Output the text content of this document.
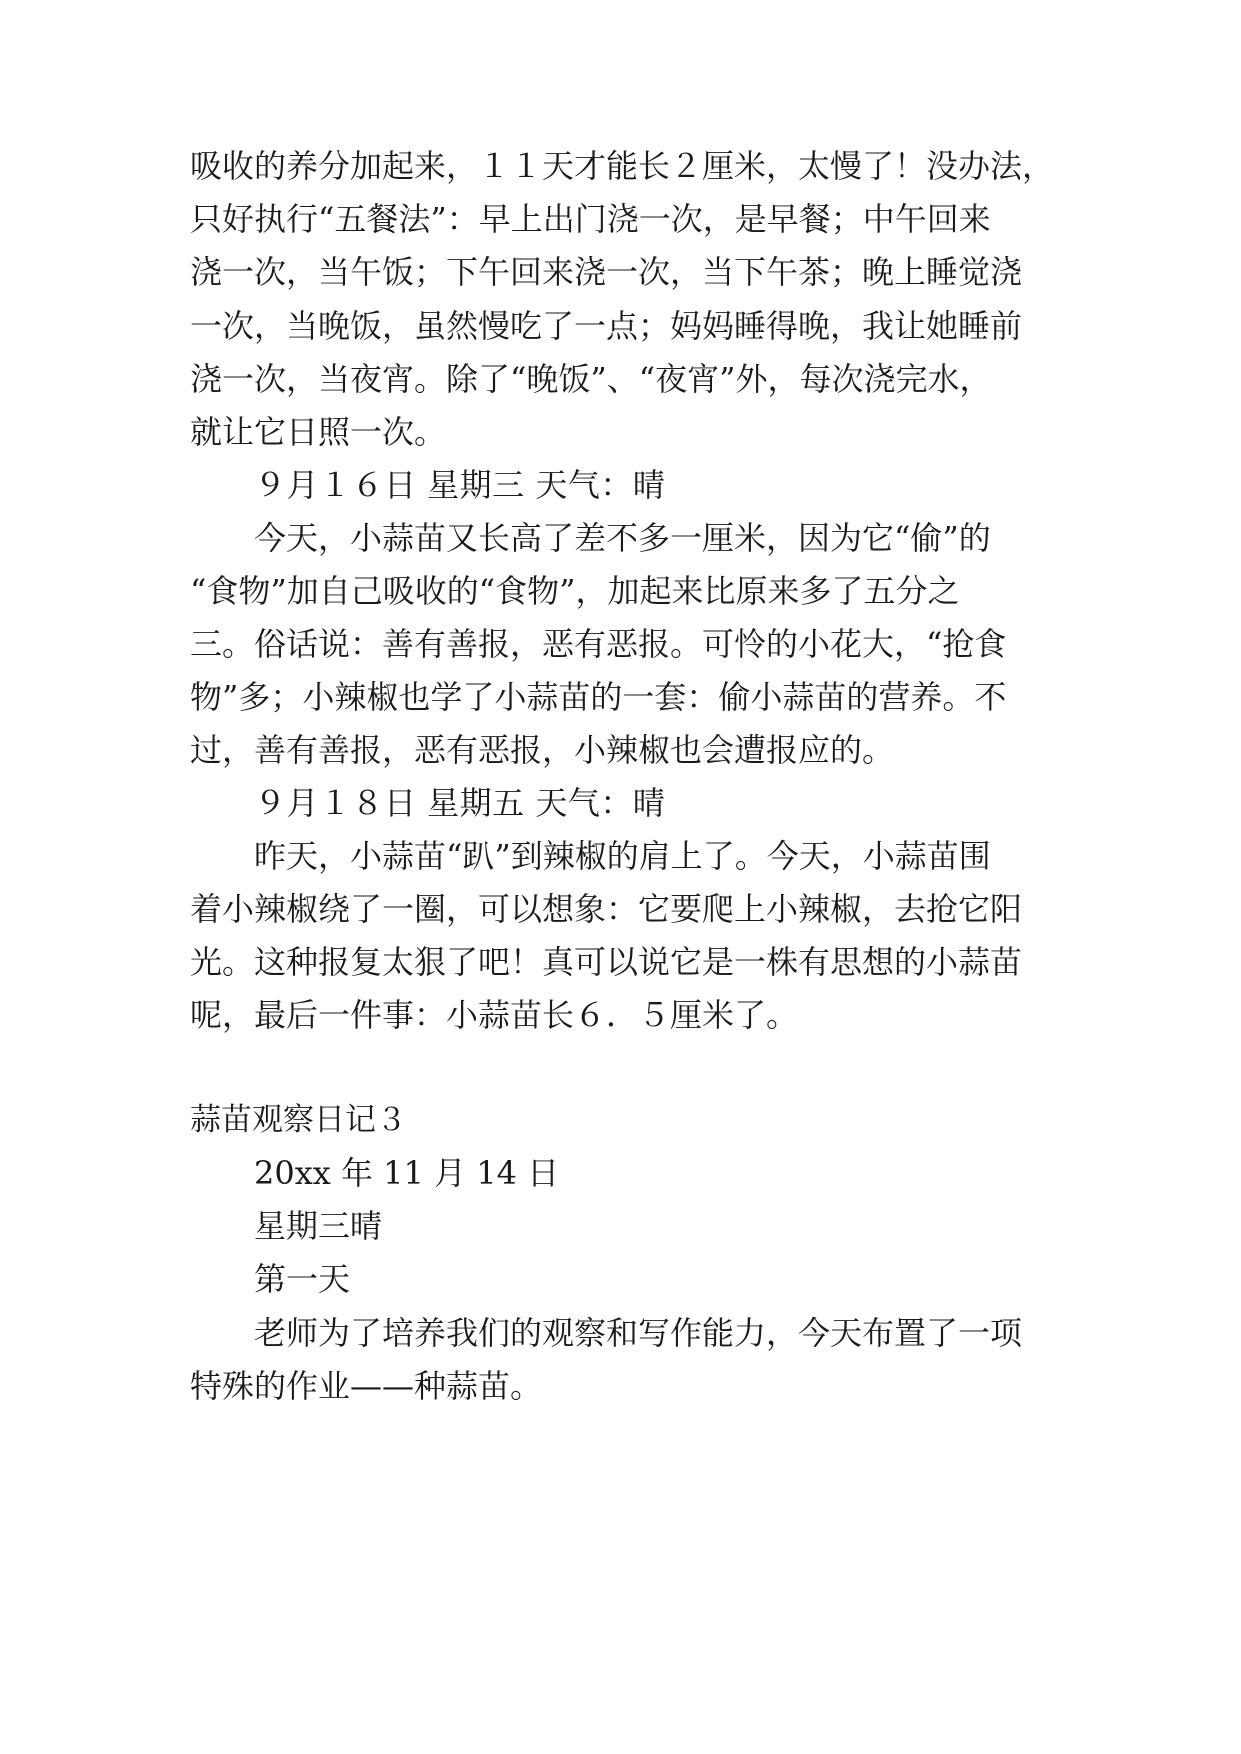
吸收的养分加起来，１１天才能长２厘米，太慢了！没办法，
只好执行“五餐法”：早上出门浇一次，是早餐；中午回来
浇一次，当午饭；下午回来浇一次，当下午茶；晚上睡觉浇
一次，当晚饭，虽然慢吃了一点；妈妈睡得晚，我让她睡前
浇一次，当夜宵。除了“晚饭”、“夜宵”外，每次浇完水，
就让它日照一次。
９月１６日 星期三 天气：晴
今天，小蒜苗又长高了差不多一厘米，因为它“偷”的
“食物”加自己吸收的“食物”，加起来比原来多了五分之
三。俗话说：善有善报，恶有恶报。可怜的小花大，“抢食
物”多；小辣椒也学了小蒜苗的一套：偷小蒜苗的营养。不
过，善有善报，恶有恶报，小辣椒也会遭报应的。
９月１８日 星期五 天气：晴
昨天，小蒜苗“趴”到辣椒的肩上了。今天，小蒜苗围
着小辣椒绕了一圈，可以想象：它要爬上小辣椒，去抢它阳
光。这种报复太狠了吧！真可以说它是一株有思想的小蒜苗
呢，最后一件事：小蒜苗长６．５厘米了。
蒜苗观察日记３
20xx 年 11 月 14 日
星期三晴
第一天
老师为了培养我们的观察和写作能力，今天布置了一项
特殊的作业——种蒜苗。
